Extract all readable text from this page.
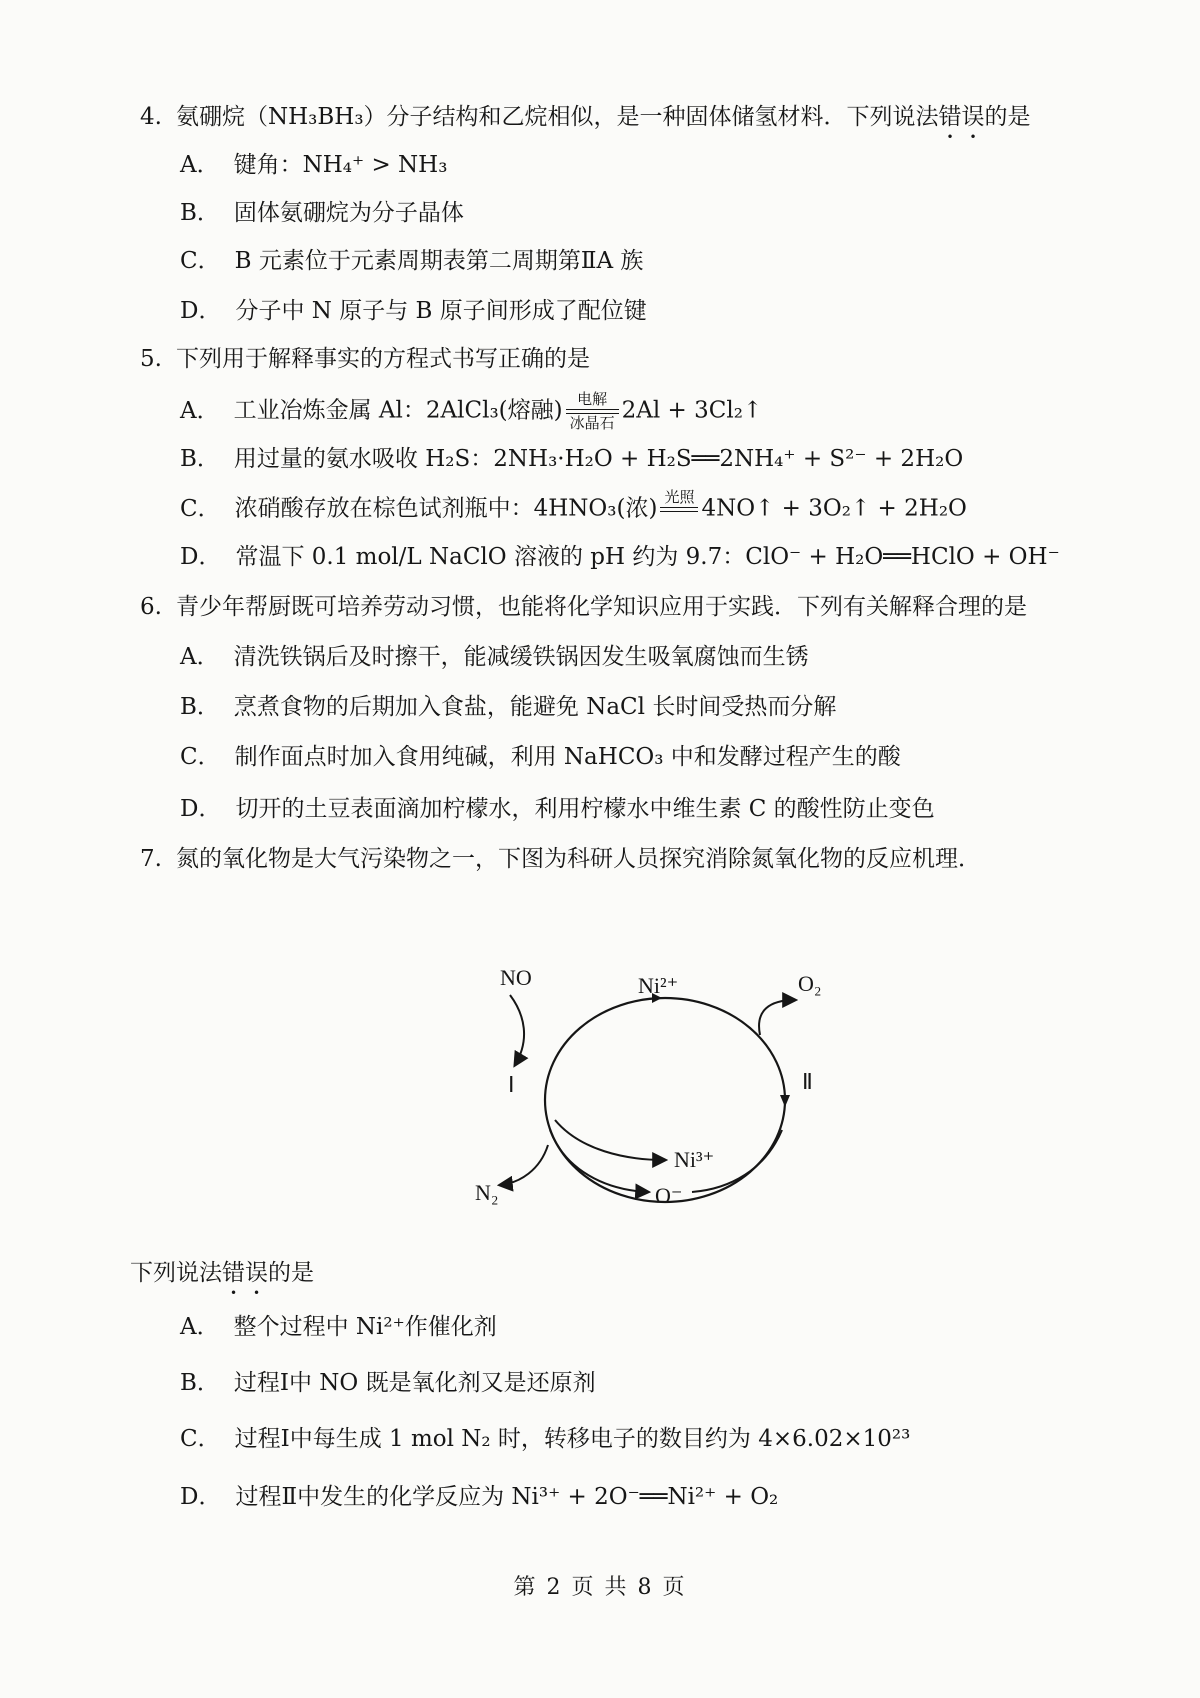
4. 氨硼烷（NH₃BH₃）分子结构和乙烷相似，是一种固体储氢材料．下列说法错误的是
A． 键角：NH₄⁺ > NH₃
B． 固体氨硼烷为分子晶体
C． B 元素位于元素周期表第二周期第ⅡA 族
D． 分子中 N 原子与 B 原子间形成了配位键
5. 下列用于解释事实的方程式书写正确的是
A． 工业冶炼金属 Al：2AlCl₃(熔融) 电解
冰晶石 2Al + 3Cl₂↑
B． 用过量的氨水吸收 H₂S：2NH₃·H₂O + H₂S══2NH₄⁺ + S²⁻ + 2H₂O
C． 浓硝酸存放在棕色试剂瓶中：4HNO₃(浓) 光照 4NO↑ + 3O₂↑ + 2H₂O
D． 常温下 0.1 mol/L NaClO 溶液的 pH 约为 9.7：ClO⁻ + H₂O══HClO + OH⁻
6. 青少年帮厨既可培养劳动习惯，也能将化学知识应用于实践．下列有关解释合理的是
A． 清洗铁锅后及时擦干，能减缓铁锅因发生吸氧腐蚀而生锈
B． 烹煮食物的后期加入食盐，能避免 NaCl 长时间受热而分解
C． 制作面点时加入食用纯碱，利用 NaHCO₃ 中和发酵过程产生的酸
D． 切开的土豆表面滴加柠檬水，利用柠檬水中维生素 C 的酸性防止变色
7. 氮的氧化物是大气污染物之一，下图为科研人员探究消除氮氧化物的反应机理．
NO	Ni²⁺	O₂
Ⅰ	Ⅱ
Ni³⁺
N₂	O⁻
下列说法错误的是
A． 整个过程中 Ni²⁺作催化剂
B． 过程Ⅰ中 NO 既是氧化剂又是还原剂
C． 过程Ⅰ中每生成 1 mol N₂ 时，转移电子的数目约为 4×6.02×10²³
D． 过程Ⅱ中发生的化学反应为 Ni³⁺ + 2O⁻══Ni²⁺ + O₂
第 2 页 共 8 页
